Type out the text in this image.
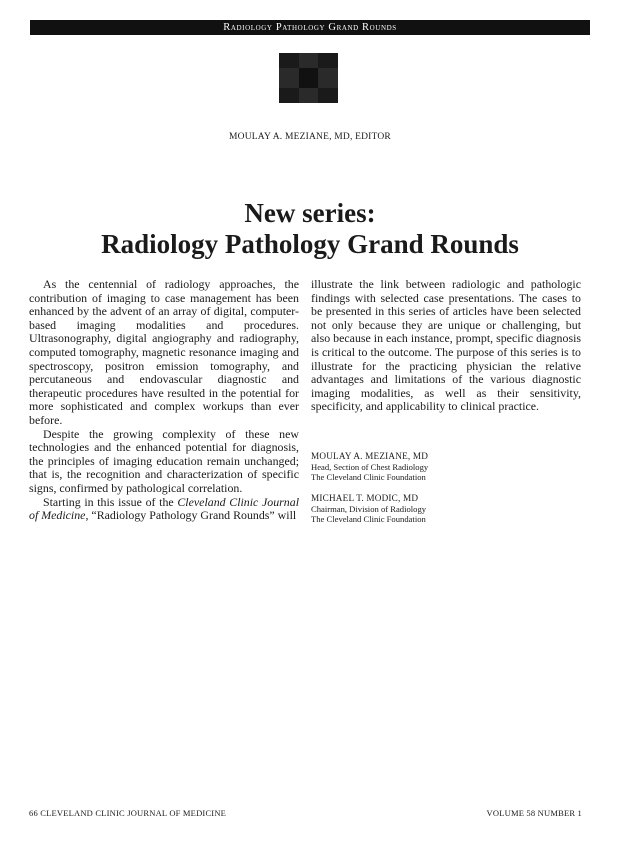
Radiology Pathology Grand Rounds
MOULAY A. MEZIANE, MD, EDITOR
New series:
Radiology Pathology Grand Rounds

As the centennial of radiology approaches, the contribution of imaging to case management has been enhanced by the advent of an array of digital, computer-based imaging modalities and procedures. Ultrasonography, digital angiography and radiography, computed tomography, magnetic resonance imaging and spectroscopy, positron emission tomography, and percutaneous and endovascular diagnostic and therapeutic procedures have resulted in the potential for more sophisticated and complex workups than ever before.

Despite the growing complexity of these new technologies and the enhanced potential for diagnosis, the principles of imaging education remain unchanged; that is, the recognition and characterization of specific signs, confirmed by pathological correlation.

Starting in this issue of the Cleveland Clinic Journal of Medicine, “Radiology Pathology Grand Rounds” will

illustrate the link between radiologic and pathologic findings with selected case presentations. The cases to be presented in this series of articles have been selected not only because they are unique or challenging, but also because in each instance, prompt, specific diagnosis is critical to the outcome. The purpose of this series is to illustrate for the practicing physician the relative advantages and limitations of the various diagnostic imaging modalities, as well as their sensitivity, specificity, and applicability to clinical practice.

MOULAY A. MEZIANE, MD
Head, Section of Chest Radiology
The Cleveland Clinic Foundation
MICHAEL T. MODIC, MD
Chairman, Division of Radiology
The Cleveland Clinic Foundation
66 CLEVELAND CLINIC JOURNAL OF MEDICINE	VOLUME 58 NUMBER 1
